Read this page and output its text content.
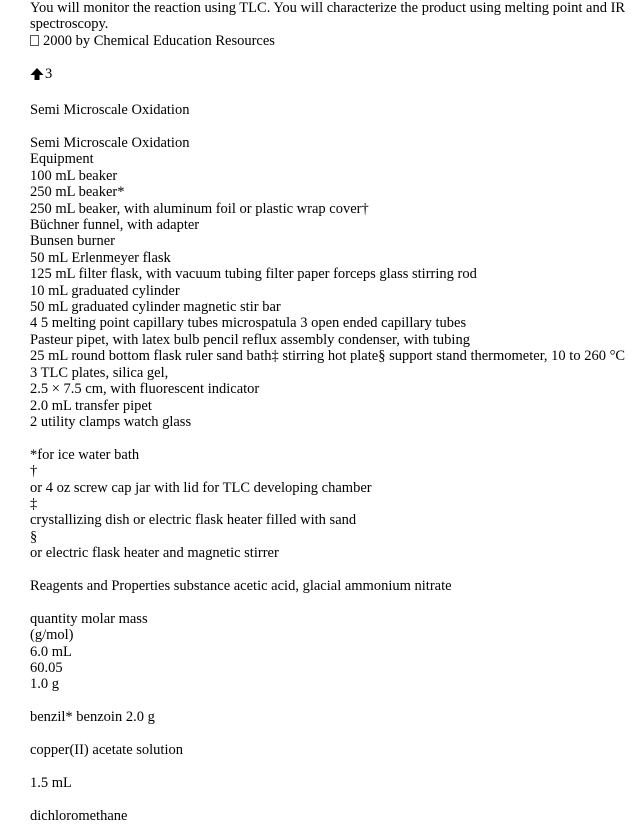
You will monitor the reaction using TLC. You will characterize the product using melting point and IR
spectroscopy.
2000 by Chemical Education Resources
3
Semi Microscale Oxidation
Semi Microscale Oxidation
Equipment
100 mL beaker
250 mL beaker*
250 mL beaker, with aluminum foil or plastic wrap cover†
Büchner funnel, with adapter
Bunsen burner
50 mL Erlenmeyer flask
125 mL filter flask, with vacuum tubing filter paper forceps glass stirring rod
10 mL graduated cylinder
50 mL graduated cylinder magnetic stir bar
4 5 melting point capillary tubes microspatula 3 open ended capillary tubes
Pasteur pipet, with latex bulb pencil reflux assembly condenser, with tubing
25 mL round bottom flask ruler sand bath‡ stirring hot plate§ support stand thermometer, 10 to 260 °C
3 TLC plates, silica gel,
2.5 × 7.5 cm, with fluorescent indicator
2.0 mL transfer pipet
2 utility clamps watch glass
*for ice water bath
†
or 4 oz screw cap jar with lid for TLC developing chamber
‡
crystallizing dish or electric flask heater filled with sand
§
or electric flask heater and magnetic stirrer
Reagents and Properties substance acetic acid, glacial ammonium nitrate
quantity molar mass
(g/mol)
6.0 mL
60.05
1.0 g
benzil* benzoin 2.0 g
copper(II) acetate solution
1.5 mL
dichloromethane
